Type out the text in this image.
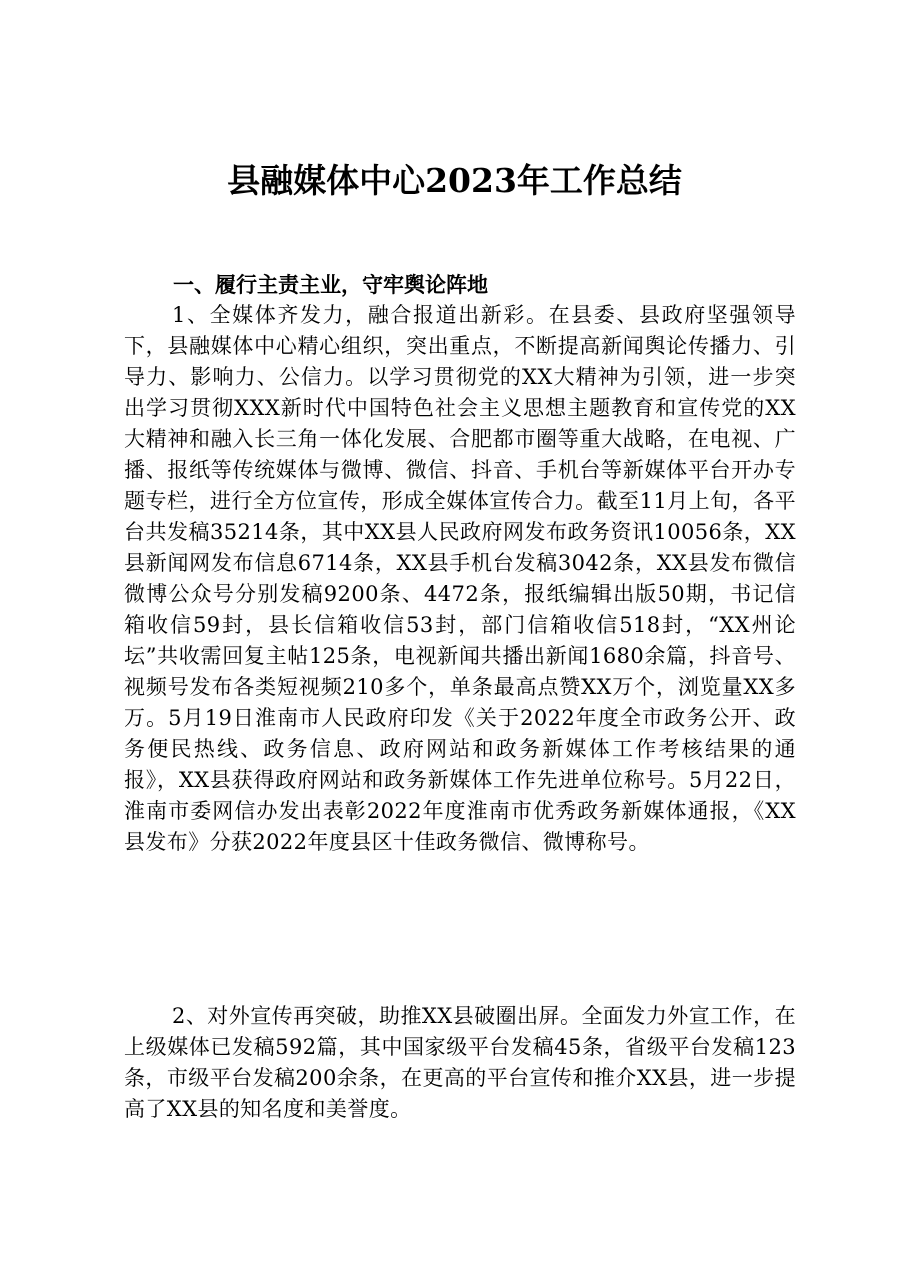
县融媒体中心2023年工作总结
一、履行主责主业，守牢舆论阵地

1、全媒体齐发力，融合报道出新彩。在县委、县政府坚强领导下，县融媒体中心精心组织，突出重点，不断提高新闻舆论传播力、引导力、影响力、公信力。以学习贯彻党的XX大精神为引领，进一步突出学习贯彻XXX新时代中国特色社会主义思想主题教育和宣传党的XX大精神和融入长三角一体化发展、合肥都市圈等重大战略，在电视、广播、报纸等传统媒体与微博、微信、抖音、手机台等新媒体平台开办专题专栏，进行全方位宣传，形成全媒体宣传合力。截至11月上旬，各平台共发稿35214条，其中XX县人民政府网发布政务资讯10056条，XX县新闻网发布信息6714条，XX县手机台发稿3042条，XX县发布微信微博公众号分别发稿9200条、4472条，报纸编辑出版50期，书记信箱收信59封，县长信箱收信53封，部门信箱收信518封，“XX州论坛”共收需回复主帖125条，电视新闻共播出新闻1680余篇，抖音号、视频号发布各类短视频210多个，单条最高点赞XX万个，浏览量XX多万。5月19日淮南市人民政府印发《关于2022年度全市政务公开、政务便民热线、政务信息、政府网站和政务新媒体工作考核结果的通报》，XX县获得政府网站和政务新媒体工作先进单位称号。5月22日，淮南市委网信办发出表彰2022年度淮南市优秀政务新媒体通报，《XX县发布》分获2022年度县区十佳政务微信、微博称号。

2、对外宣传再突破，助推XX县破圈出屏。全面发力外宣工作，在上级媒体已发稿592篇，其中国家级平台发稿45条，省级平台发稿123条，市级平台发稿200余条，在更高的平台宣传和推介XX县，进一步提高了XX县的知名度和美誉度。
